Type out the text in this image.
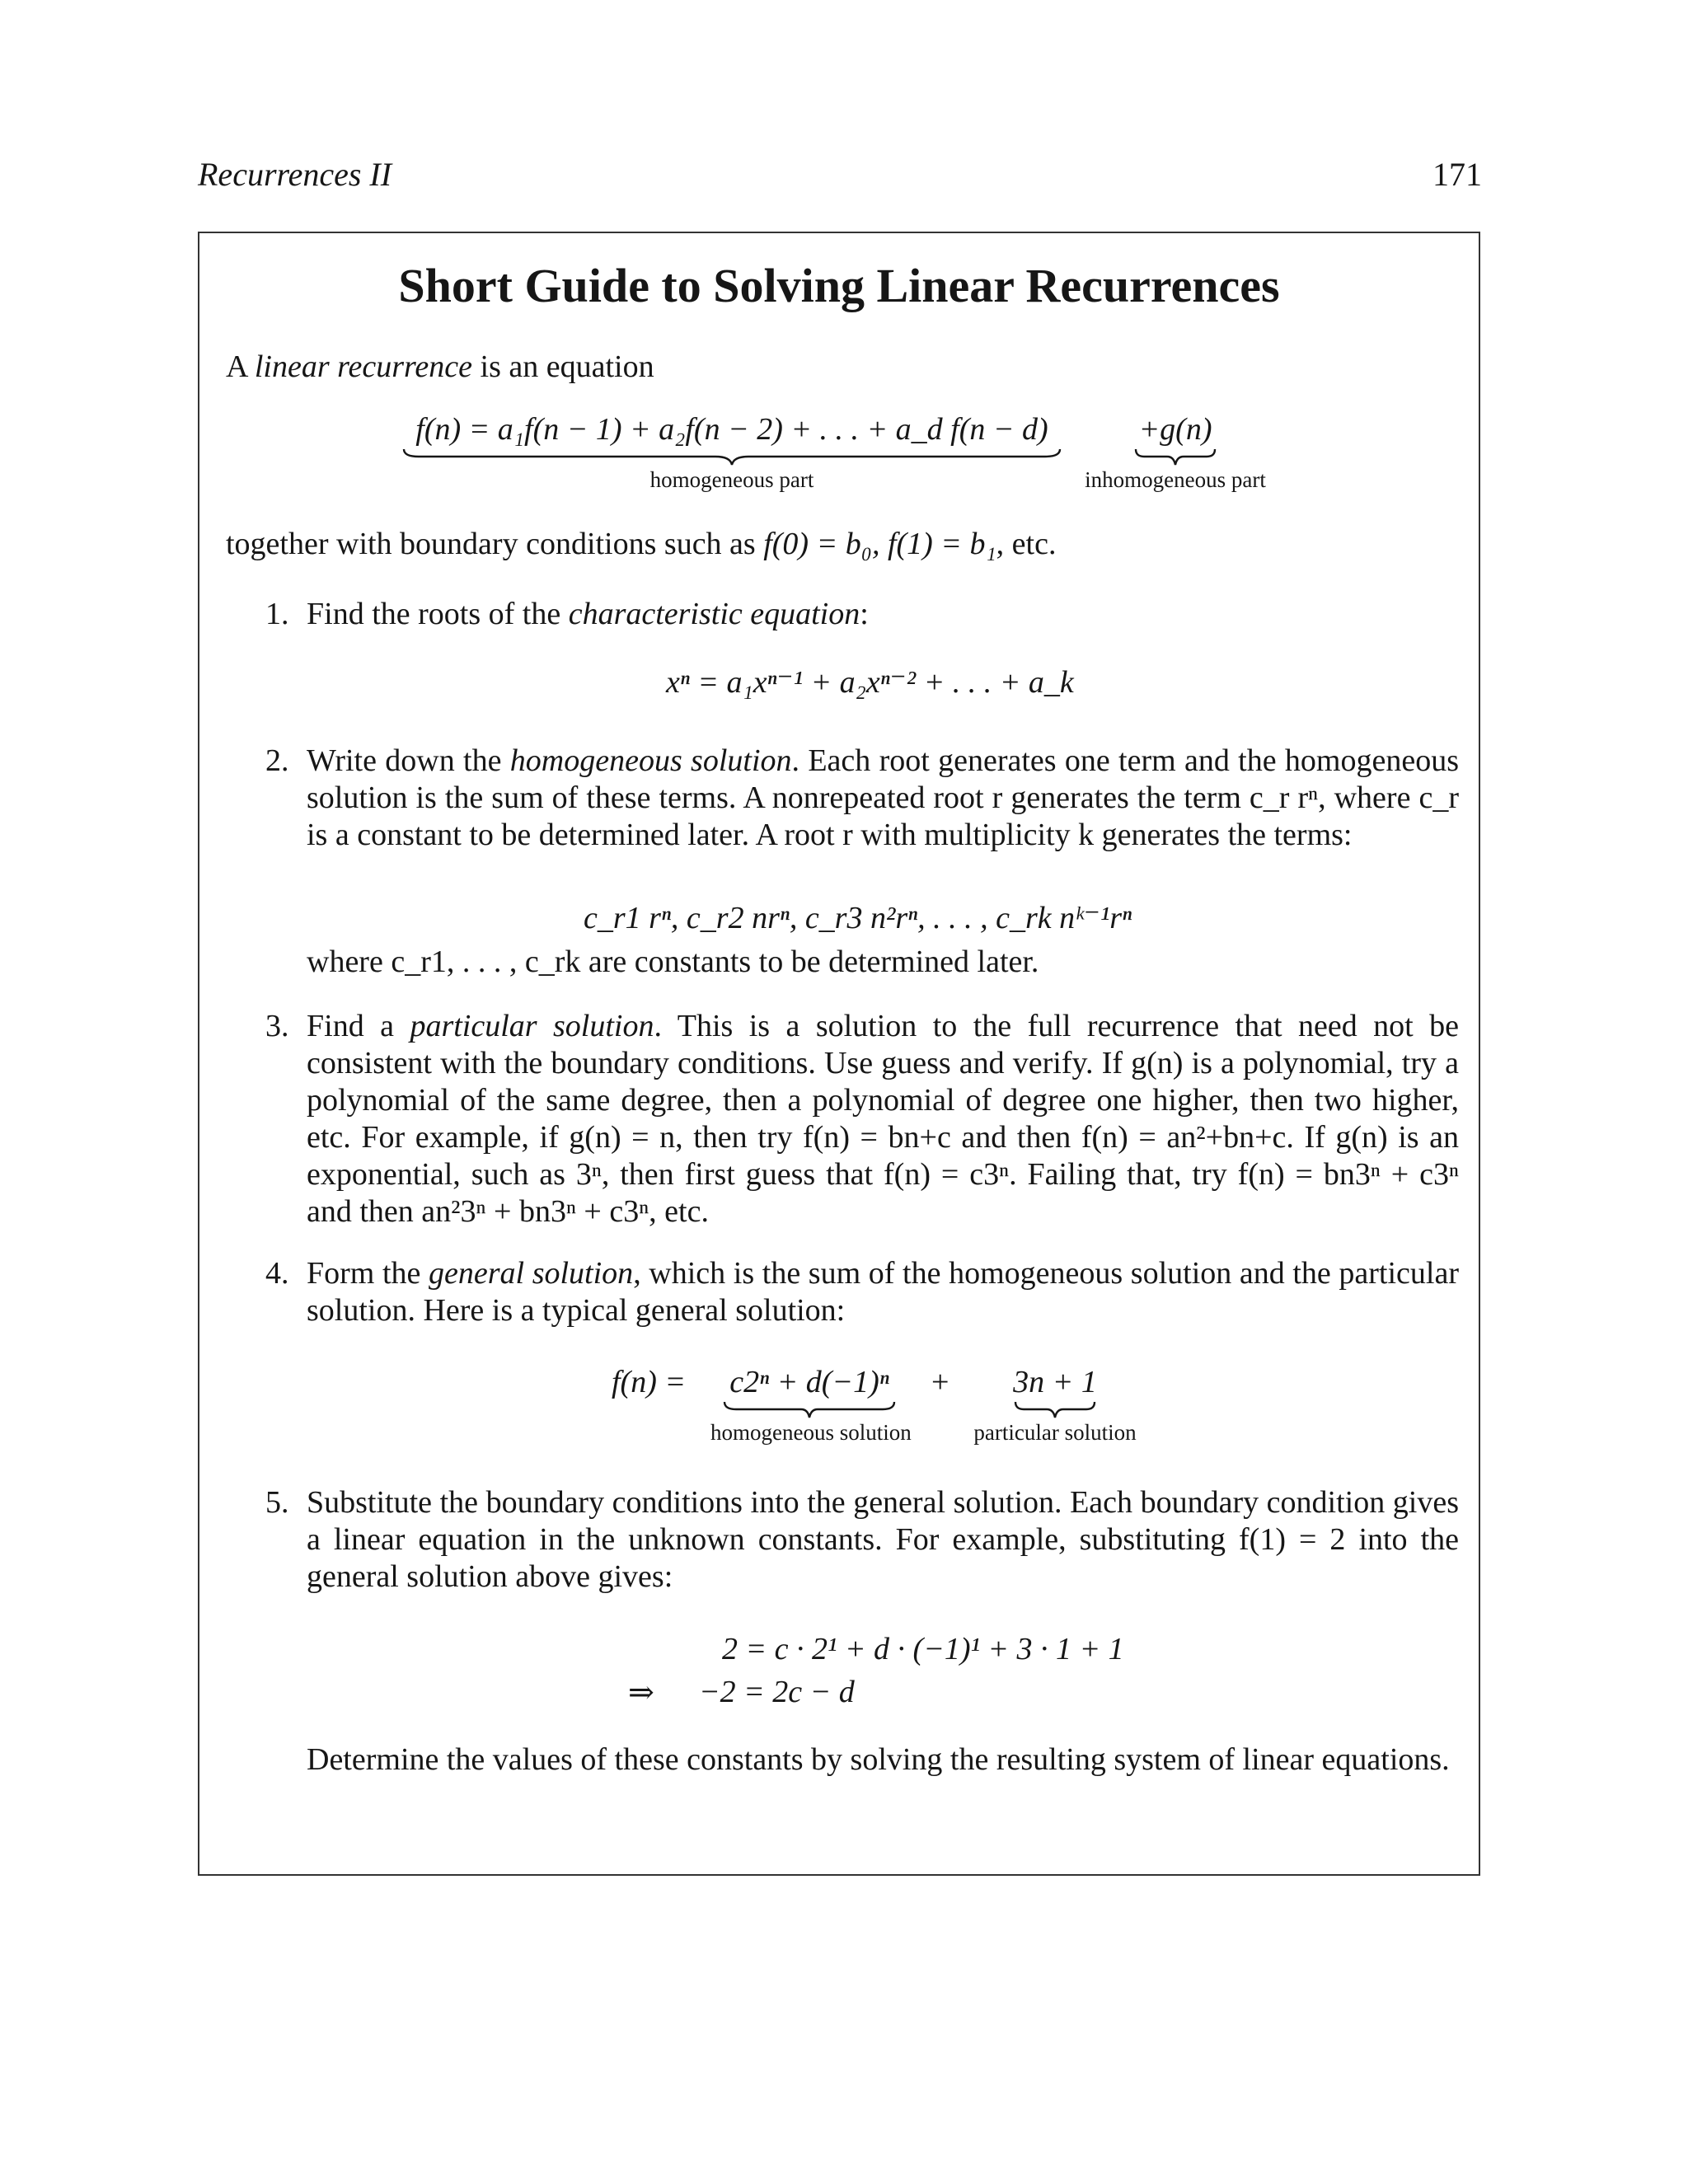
Recurrences II	171
Short Guide to Solving Linear Recurrences
A linear recurrence is an equation
f(n) = a₁f(n − 1) + a₂f(n − 2) + . . . + a_d f(n − d)
homogeneous part
+g(n)
inhomogeneous part
together with boundary conditions such as f(0) = b₀, f(1) = b₁, etc.
1. Find the roots of the characteristic equation:
xⁿ = a₁xⁿ⁻¹ + a₂xⁿ⁻² + . . . + a_k
2. Write down the homogeneous solution. Each root generates one term and the homogeneous solution is the sum of these terms. A nonrepeated root r generates the term c_r rⁿ, where c_r is a constant to be determined later. A root r with multiplicity k generates the terms:
c_r1 rⁿ, c_r2 nrⁿ, c_r3 n²rⁿ, . . . , c_rk nᵏ⁻¹rⁿ
where c_r1, . . . , c_rk are constants to be determined later.
3. Find a particular solution. This is a solution to the full recurrence that need not be consistent with the boundary conditions. Use guess and verify. If g(n) is a polynomial, try a polynomial of the same degree, then a polynomial of degree one higher, then two higher, etc. For example, if g(n) = n, then try f(n) = bn+c and then f(n) = an²+bn+c. If g(n) is an exponential, such as 3ⁿ, then first guess that f(n) = c3ⁿ. Failing that, try f(n) = bn3ⁿ + c3ⁿ and then an²3ⁿ + bn3ⁿ + c3ⁿ, etc.
4. Form the general solution, which is the sum of the homogeneous solution and the particular solution. Here is a typical general solution:
f(n) =	c2ⁿ + d(−1)ⁿ
homogeneous solution
+	3n + 1
particular solution
5. Substitute the boundary conditions into the general solution. Each boundary condition gives a linear equation in the unknown constants. For example, substituting f(1) = 2 into the general solution above gives:
2 = c · 2¹ + d · (−1)¹ + 3 · 1 + 1
⇒ −2 = 2c − d
Determine the values of these constants by solving the resulting system of linear equations.
